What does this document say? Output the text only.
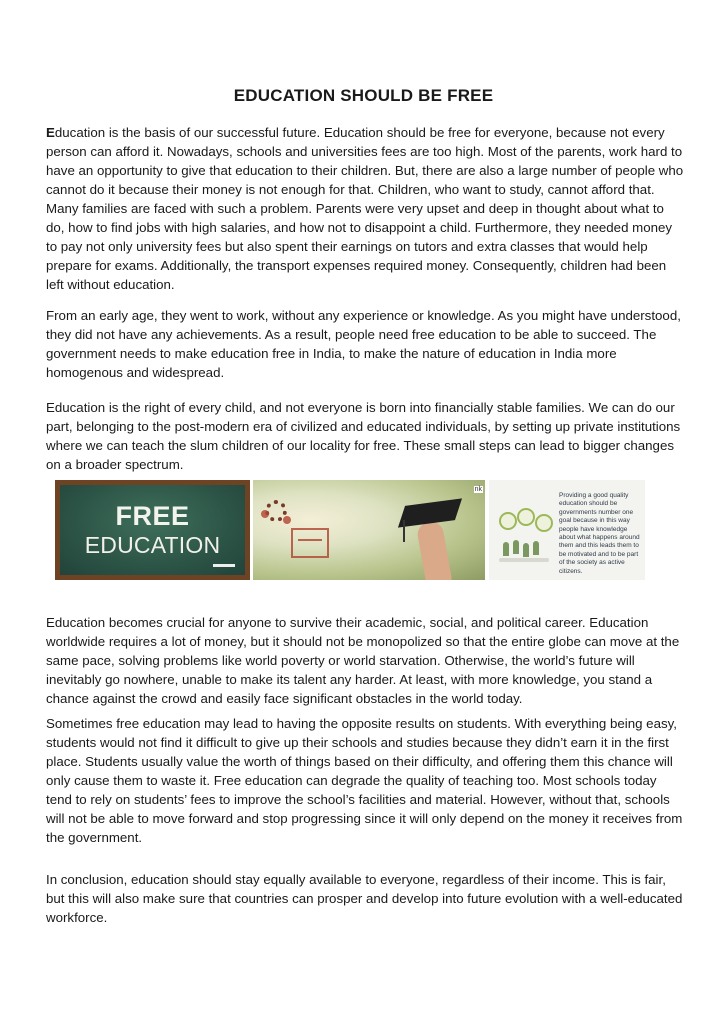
EDUCATION SHOULD BE FREE

Education is the basis of our successful future. Education should be free for everyone, because not every person can afford it. Nowadays, schools and universities fees are too high. Most of the parents, work hard to have an opportunity to give that education to their children. But, there are also a large number of people who cannot do it because their money is not enough for that. Children, who want to study, cannot afford that. Many families are faced with such a problem. Parents were very upset and deep in thought about what to do, how to find jobs with high salaries, and how not to disappoint a child. Furthermore, they needed money to pay not only university fees but also spent their earnings on tutors and extra classes that would help prepare for exams. Additionally, the transport expenses required money. Consequently, children had been left without education.

From an early age, they went to work, without any experience or knowledge. As you might have understood, they did not have any achievements. As a result, people need free education to be able to succeed. The government needs to make education free in India, to make the nature of education in India more homogenous and widespread.

Education is the right of every child, and not everyone is born into financially stable families. We can do our part, belonging to the post-modern era of civilized and educated individuals, by setting up private institutions where we can teach the slum children of our locality for free. These small steps can lead to bigger changes on a broader spectrum.

FREE
EDUCATION
nk
Providing a good quality education should be governments number one goal because in this way people have knowledge about what happens around them and this leads them to be motivated and to be part of the society as active citizens.

Education becomes crucial for anyone to survive their academic, social, and political career. Education worldwide requires a lot of money, but it should not be monopolized so that the entire globe can move at the same pace, solving problems like world poverty or world starvation. Otherwise, the world’s future will inevitably go nowhere, unable to make its talent any harder. At least, with more knowledge, you stand a chance against the crowd and easily face significant obstacles in the world today.

Sometimes free education may lead to having the opposite results on students. With everything being easy, students would not find it difficult to give up their schools and studies because they didn’t earn it in the first place. Students usually value the worth of things based on their difficulty, and offering them this chance will only cause them to waste it. Free education can degrade the quality of teaching too. Most schools today tend to rely on students’ fees to improve the school’s facilities and material. However, without that, schools will not be able to move forward and stop progressing since it will only depend on the money it receives from the government.

In conclusion, education should stay equally available to everyone, regardless of their income. This is fair, but this will also make sure that countries can prosper and develop into future evolution with a well-educated workforce.
